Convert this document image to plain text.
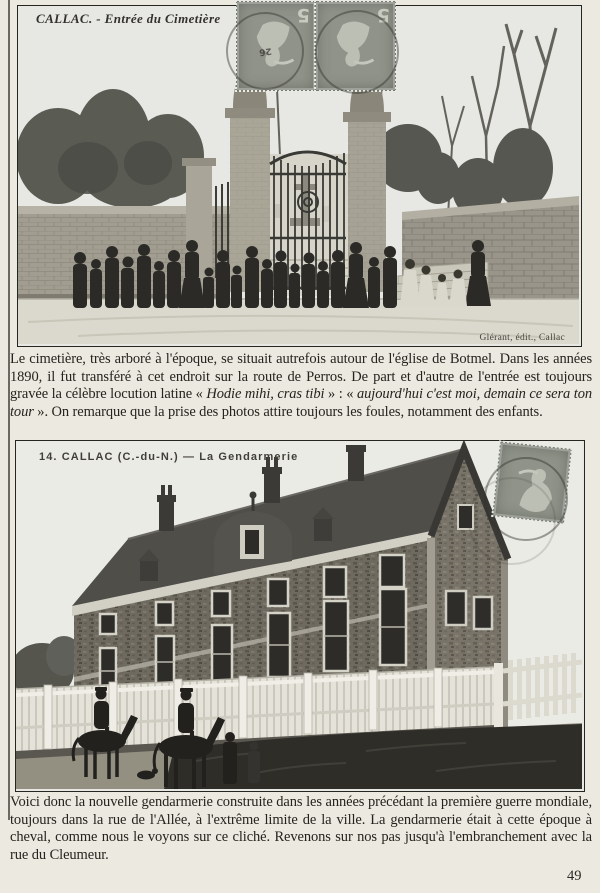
CALLAC. - Entrée du Cimetière	5	5
26
Glérant, édit., Callac

Le cimetière, très arboré à l'époque, se situait autrefois autour de l'église de Botmel. Dans les années 1890, il fut transféré à cet endroit sur la route de Perros. De part et d'autre de l'entrée est toujours gravée la célèbre locution latine « Hodie mihi, cras tibi » : « aujourd'hui c'est moi, demain ce sera ton tour ». On remarque que la prise des photos attire toujours les foules, notamment des enfants.

14. CALLAC (C.-du-N.) — La Gendarmerie

Voici donc la nouvelle gendarmerie construite dans les années précédant la première guerre mondiale, toujours dans la rue de l'Allée, à l'extrême limite de la ville. La gendarmerie était à cette époque à cheval, comme nous le voyons sur ce cliché. Revenons sur nos pas jusqu'à l'embranchement avec la rue du Cleumeur.

49
